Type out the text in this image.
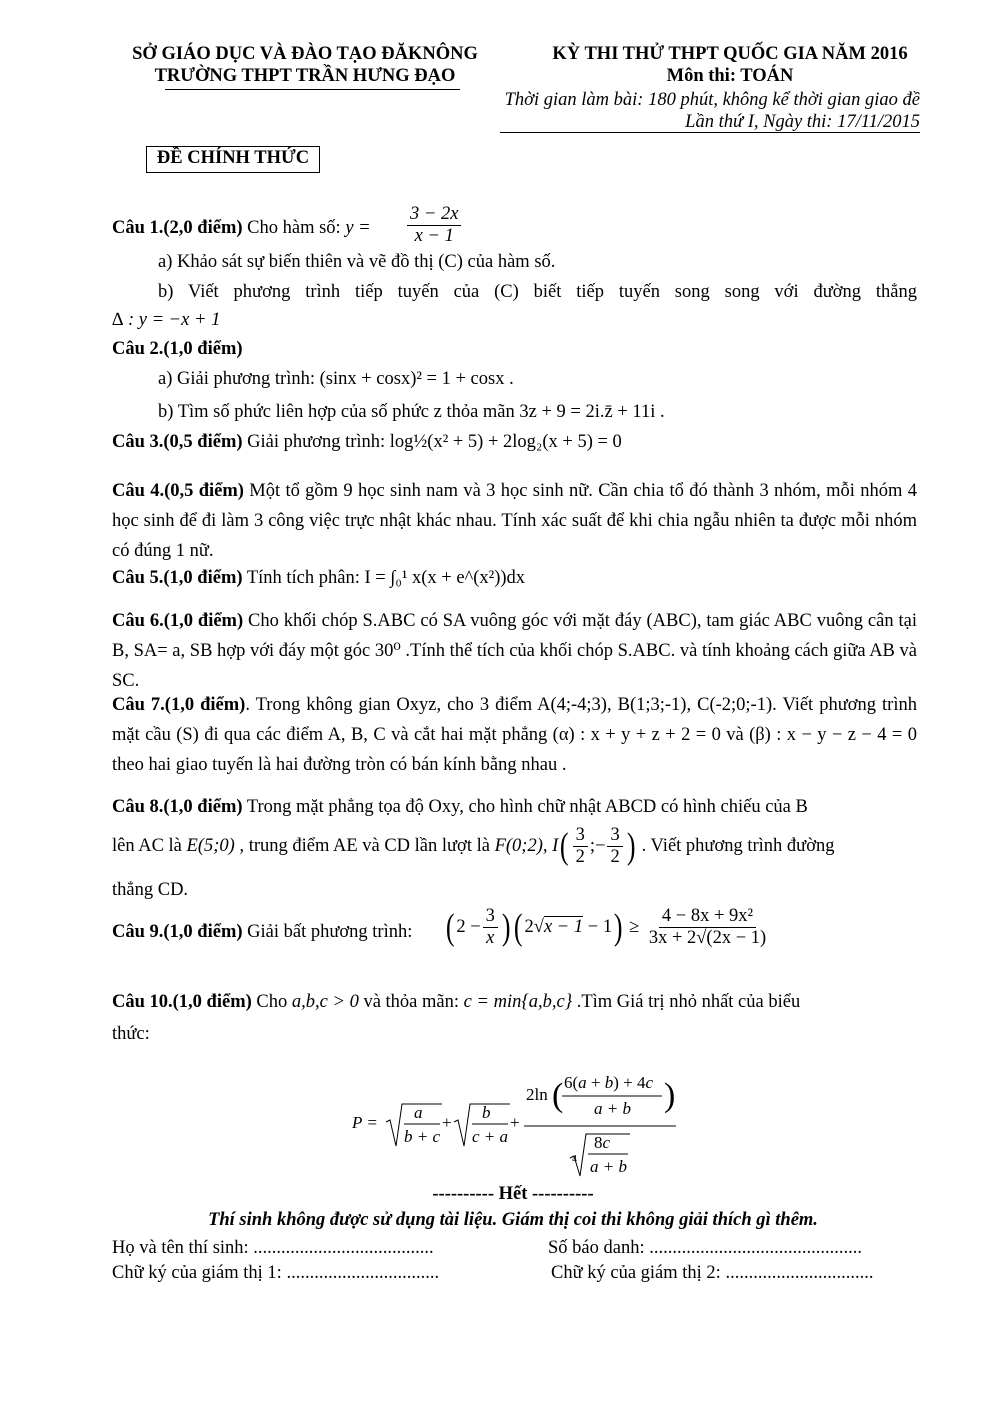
SỞ GIÁO DỤC VÀ ĐÀO TẠO ĐĂKNÔNG
TRƯỜNG THPT TRẦN HƯNG ĐẠO
KỲ THI THỬ THPT QUỐC GIA NĂM 2016
Môn thi: TOÁN
Thời gian làm bài: 180 phút, không kể thời gian giao đề
Lần thứ I, Ngày thi: 17/11/2015
ĐỀ CHÍNH THỨC
Câu 1.(2,0 điểm) Cho hàm số: $y = \frac{3 - 2x}{x - 1}$
a) Khảo sát sự biến thiên và vẽ đồ thị (C) của hàm số.
b) Viết phương trình tiếp tuyến của (C) biết tiếp tuyến song song với đường thẳng
∆ : y = −x + 1
Câu 2.(1,0 điểm)
a) Giải phương trình: (sinx + cosx)² = 1 + cosx .
b) Tìm số phức liên hợp của số phức z thỏa mãn 3z + 9 = 2i.z̄ + 11i .
Câu 3.(0,5 điểm) Giải phương trình: log½(x² + 5) + 2log₂(x + 5) = 0
Câu 4.(0,5 điểm) Một tổ gồm 9 học sinh nam và 3 học sinh nữ. Cần chia tổ đó thành 3 nhóm, mỗi nhóm 4 học sinh để đi làm 3 công việc trực nhật khác nhau. Tính xác suất để khi chia ngẫu nhiên ta được mỗi nhóm có đúng 1 nữ.
Câu 5.(1,0 điểm) Tính tích phân: I = ∫₀¹ x(x + e^(x²))dx
Câu 6.(1,0 điểm) Cho khối chóp S.ABC có SA vuông góc với mặt đáy (ABC), tam giác ABC vuông cân tại B, SA= a, SB hợp với đáy một góc 30⁰ .Tính thể tích của khối chóp S.ABC. và tính khoảng cách giữa AB và SC.
Câu 7.(1,0 điểm). Trong không gian Oxyz, cho 3 điểm A(4;-4;3), B(1;3;-1), C(-2;0;-1). Viết phương trình mặt cầu (S) đi qua các điểm A, B, C và cắt hai mặt phẳng (α) : x + y + z + 2 = 0 và (β) : x − y − z − 4 = 0 theo hai giao tuyến là hai đường tròn có bán kính bằng nhau .
Câu 8.(1,0 điểm) Trong mặt phẳng tọa độ Oxy, cho hình chữ nhật ABCD có hình chiếu của B
lên AC là E(5;0) , trung điểm AE và CD lần lượt là F(0;2), $I( \frac{3}{2}$ ;− $\frac{3}{2}$ ) . Viết phương trình đường
thẳng CD.
Câu 9.(1,0 điểm) Giải bất phương trình: $(2 - \frac{3}{x} )(2√x - 1 - 1) \ge \frac{\text{4 − 8x + 9x²}}{3x + 2√(2x - 1)}$
Câu 10.(1,0 điểm) Cho a,b,c > 0 và thỏa mãn: c = min{a,b,c} .Tìm Giá trị nhỏ nhất của biểu
thức:
P =
a
b + c
+
b
c + a
+
2ln ( 6(a + b) + 4c
a + b )
4
8c
a + b
---------- Hết ----------
Thí sinh không được sử dụng tài liệu. Giám thị coi thi không giải thích gì thêm.
Họ và tên thí sinh: .......................................	Số báo danh: ..............................................
Chữ ký của giám thị 1: .................................	Chữ ký của giám thị 2: ................................
